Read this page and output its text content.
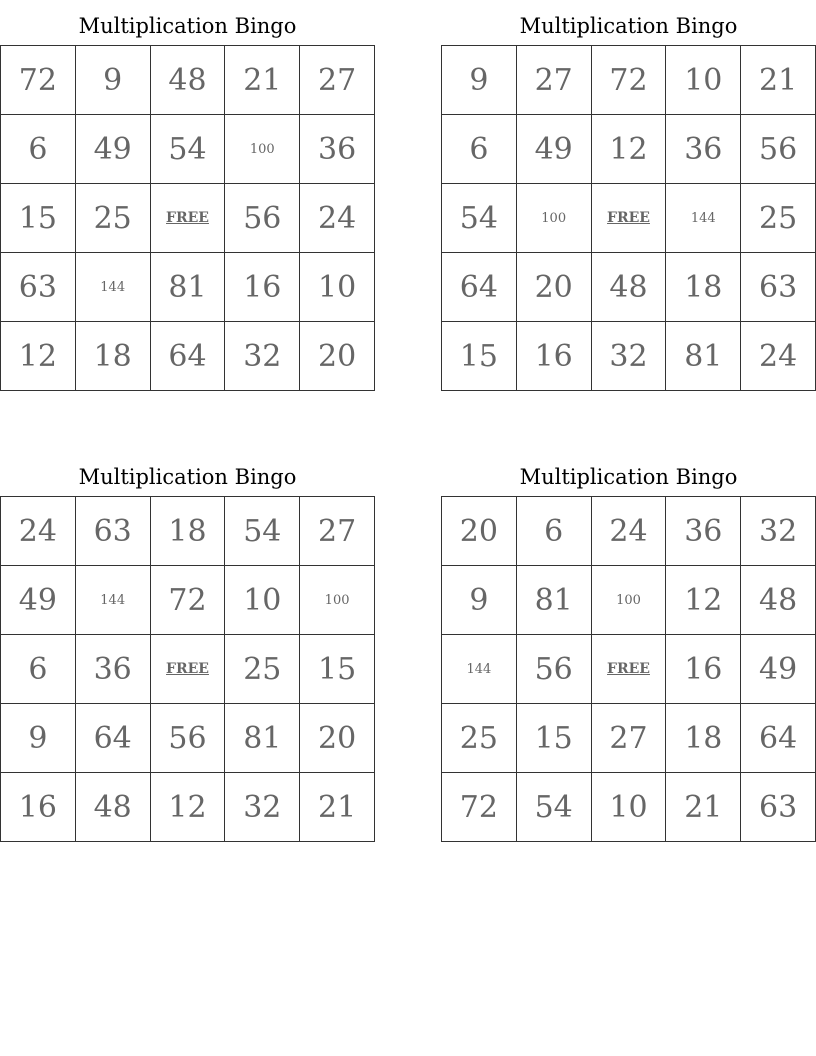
Multiplication Bingo
72	9	48	21	27
6	49	54	100	36
15	25	FREE	56	24
63	144	81	16	10
12	18	64	32	20
Multiplication Bingo
9	27	72	10	21
6	49	12	36	56
54	100	FREE	144	25
64	20	48	18	63
15	16	32	81	24
Multiplication Bingo
24	63	18	54	27
49	144	72	10	100
6	36	FREE	25	15
9	64	56	81	20
16	48	12	32	21
Multiplication Bingo
20	6	24	36	32
9	81	100	12	48
144	56	FREE	16	49
25	15	27	18	64
72	54	10	21	63
